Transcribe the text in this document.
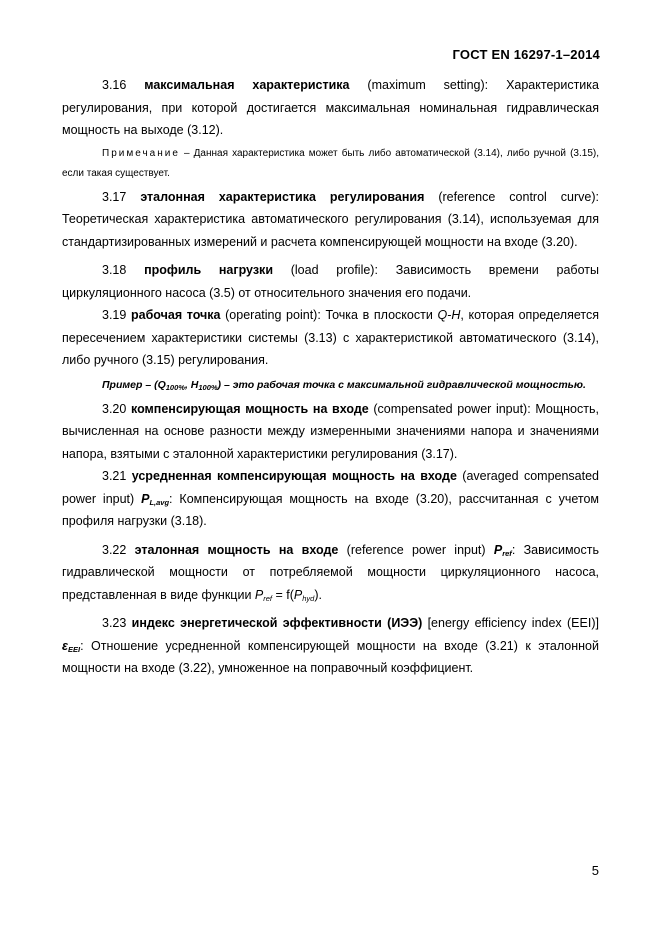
ГОСТ EN 16297-1–2014

3.16 максимальная характеристика (maximum setting): Характеристика регулирования, при которой достигается максимальная номинальная гидравлическая мощность на выходе (3.12).

Примечание – Данная характеристика может быть либо автоматической (3.14), либо ручной (3.15), если такая существует.

3.17 эталонная характеристика регулирования (reference control curve): Теоретическая характеристика автоматического регулирования (3.14), используемая для стандартизированных измерений и расчета компенсирующей мощности на входе (3.20).

3.18 профиль нагрузки (load profile): Зависимость времени работы циркуляционного насоса (3.5) от относительного значения его подачи.

3.19 рабочая точка (operating point): Точка в плоскости Q-H, которая определяется пересечением характеристики системы (3.13) с характеристикой автоматического (3.14), либо ручного (3.15) регулирования.

Пример – ($Q_{100\%}$, $H_{100\%}$) – это рабочая точка с максимальной гидравлической мощностью.

3.20 компенсирующая мощность на входе (compensated power input): Мощность, вычисленная на основе разности между измеренными значениями напора и значениями напора, взятыми с эталонной характеристики регулирования (3.17).

3.21 усредненная компенсирующая мощность на входе (averaged compensated power input) $P_{L,avg}$: Компенсирующая мощность на входе (3.20), рассчитанная с учетом профиля нагрузки (3.18).

3.22 эталонная мощность на входе (reference power input) $P_{ref}$: Зависимость гидравлической мощности от потребляемой мощности циркуляционного насоса, представленная в виде функции $P_{ref} = f(P_{hyd})$.

3.23 индекс энергетической эффективности (ИЭЭ) [energy efficiency index (EEI)] $\varepsilon_{EEI}$: Отношение усредненной компенсирующей мощности на входе (3.21) к эталонной мощности на входе (3.22), умноженное на поправочный коэффициент.

5
